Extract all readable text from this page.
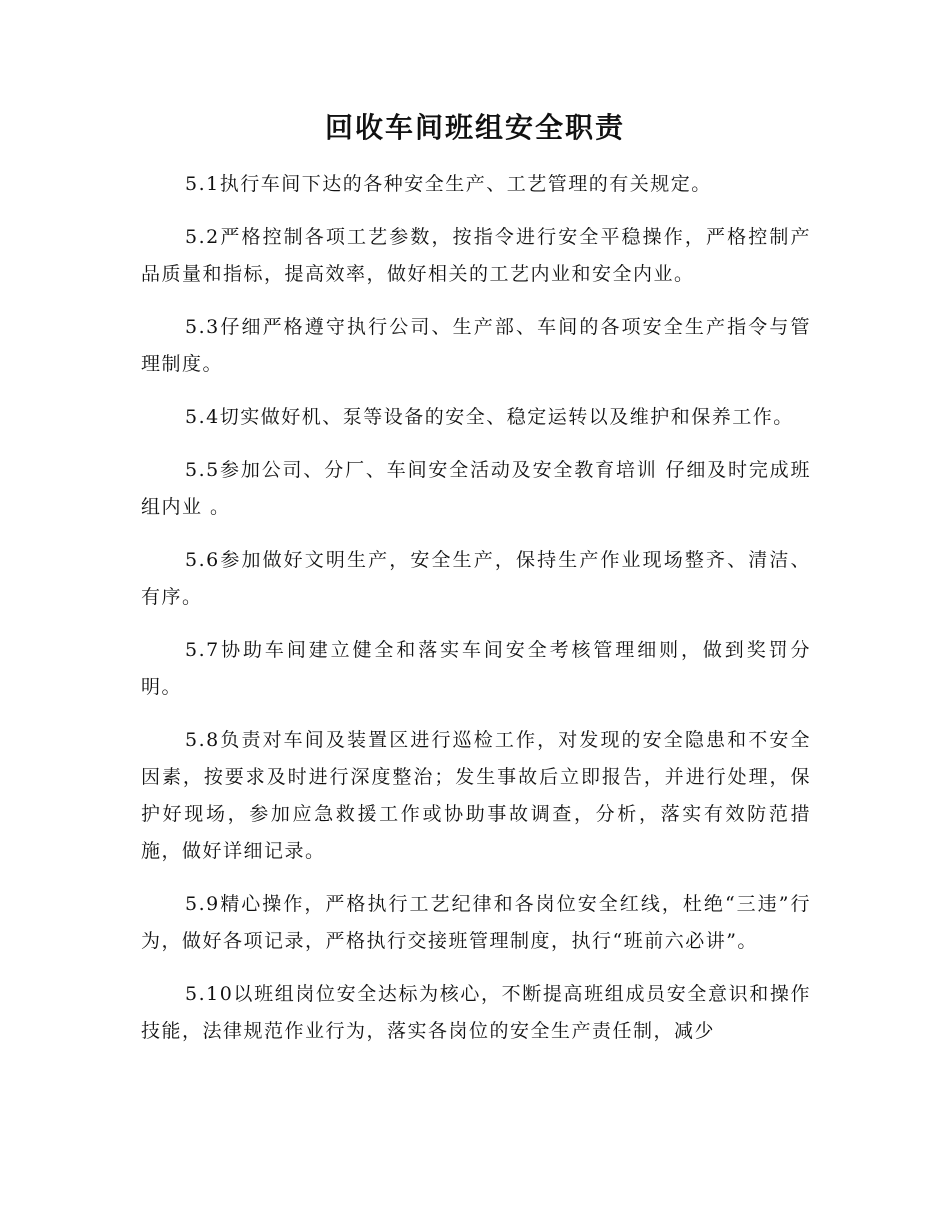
回收车间班组安全职责

5.1执行车间下达的各种安全生产、工艺管理的有关规定。

5.2严格控制各项工艺参数，按指令进行安全平稳操作，严格控制产品质量和指标，提高效率，做好相关的工艺内业和安全内业。

5.3仔细严格遵守执行公司、生产部、车间的各项安全生产指令与管理制度。

5.4切实做好机、泵等设备的安全、稳定运转以及维护和保养工作。

5.5参加公司、分厂、车间安全活动及安全教育培训 仔细及时完成班组内业 。

5.6参加做好文明生产，安全生产，保持生产作业现场整齐、清洁、有序。

5.7协助车间建立健全和落实车间安全考核管理细则，做到奖罚分明。

5.8负责对车间及装置区进行巡检工作，对发现的安全隐患和不安全因素，按要求及时进行深度整治；发生事故后立即报告，并进行处理，保护好现场，参加应急救援工作或协助事故调查，分析，落实有效防范措施，做好详细记录。

5.9精心操作，严格执行工艺纪律和各岗位安全红线，杜绝“三违”行为，做好各项记录，严格执行交接班管理制度，执行“班前六必讲”。

5.10以班组岗位安全达标为核心，不断提高班组成员安全意识和操作技能，法律规范作业行为，落实各岗位的安全生产责任制，减少
